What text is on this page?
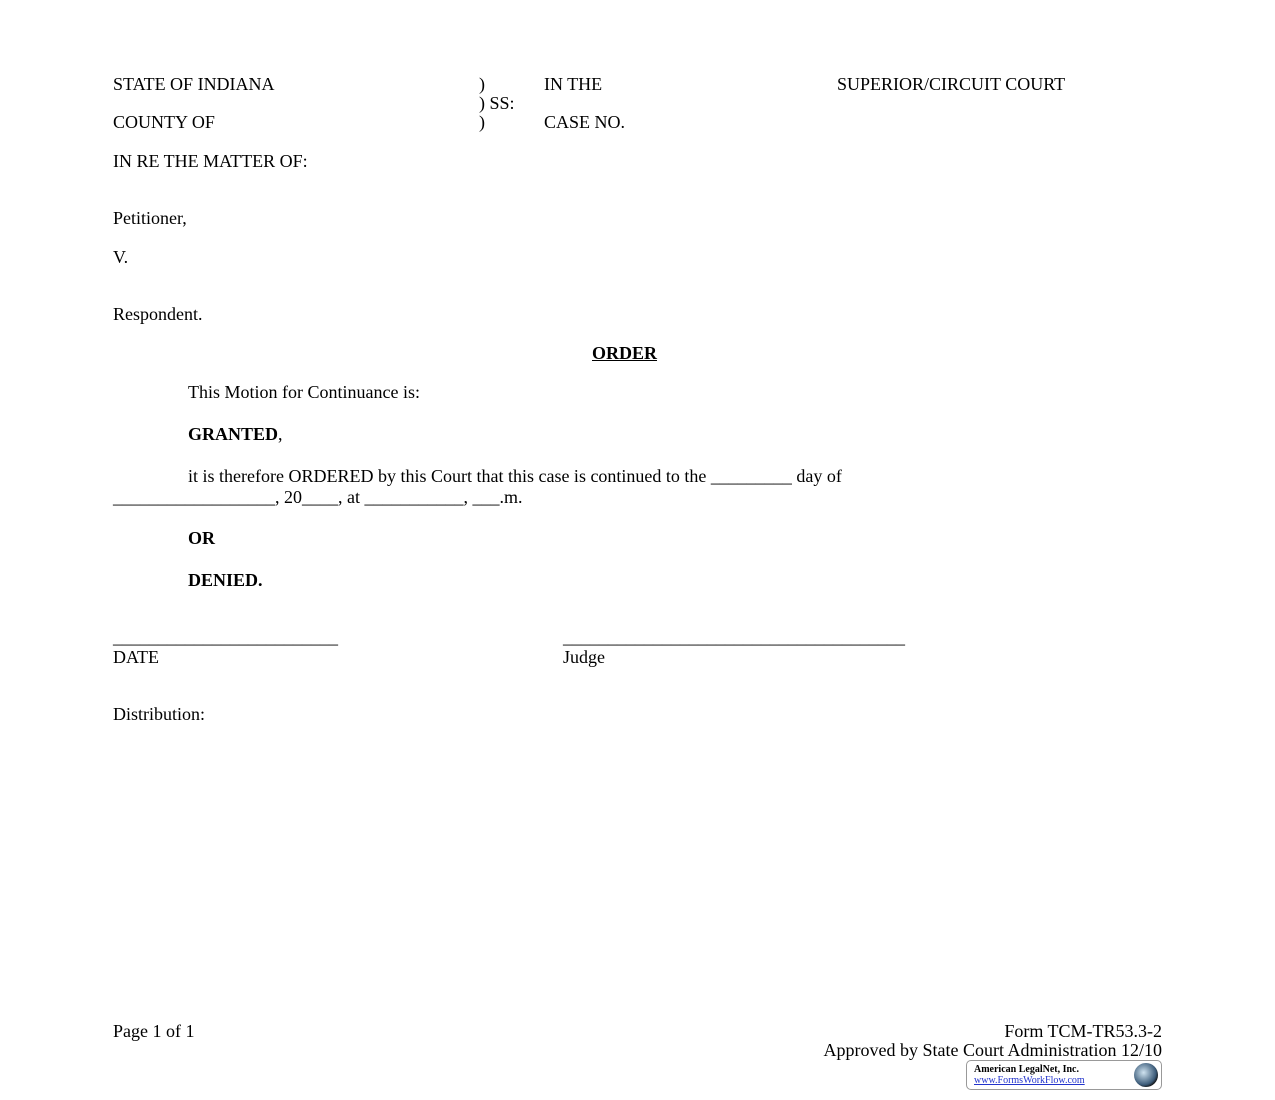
STATE OF INDIANA	)	IN THE	SUPERIOR/CIRCUIT COURT
) SS:
COUNTY OF	)	CASE NO.
IN RE THE MATTER OF:
Petitioner,
V.
Respondent.
ORDER
This Motion for Continuance is:
GRANTED,
it is therefore ORDERED by this Court that this case is continued to the _________ day of
__________________, 20____, at ___________, ___.m.
OR
DENIED.
_________________________
DATE
______________________________________
Judge
Distribution:
Page 1 of 1	Form TCM-TR53.3-2
Approved by State Court Administration 12/10
American LegalNet, Inc.
www.FormsWorkFlow.com
